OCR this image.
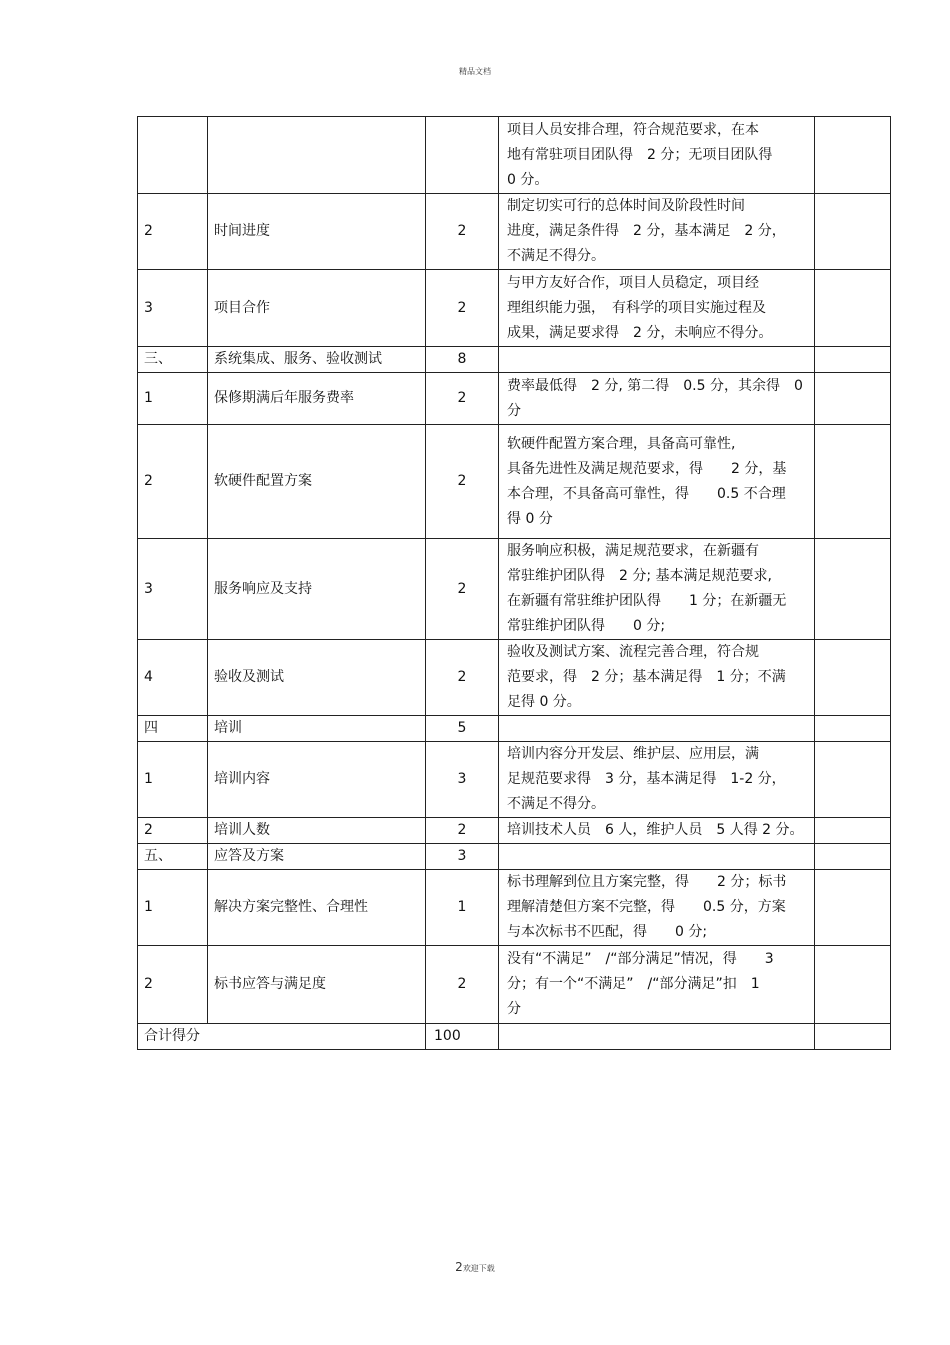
精品文档

			项目人员安排合理，符合规范要求，在本
地有常驻项目团队得　2 分；无项目团队得
0 分。	

2	时间进度	2	制定切实可行的总体时间及阶段性时间
进度，满足条件得　2 分，基本满足　2 分，
不满足不得分。	

3	项目合作	2	与甲方友好合作，项目人员稳定，项目经
理组织能力强，　有科学的项目实施过程及
成果，满足要求得　2 分，未响应不得分。	

三、	系统集成、服务、验收测试	8	

1	保修期满后年服务费率	2	费率最低得　2 分, 第二得　0.5 分，其余得　0
分	

2	软硬件配置方案	2	软硬件配置方案合理，具备高可靠性,
具备先进性及满足规范要求，得　　2 分，基
本合理，不具备高可靠性，得　　0.5 不合理
得 0 分	

3	服务响应及支持	2	服务响应积极，满足规范要求，在新疆有
常驻维护团队得　2 分; 基本满足规范要求,
在新疆有常驻维护团队得　　1 分；在新疆无
常驻维护团队得　　0 分;	

4	验收及测试	2	验收及测试方案、流程完善合理，符合规
范要求，得　2 分；基本满足得　1 分；不满
足得 0 分。	

四	培训	5	

1	培训内容	3	培训内容分开发层、维护层、应用层，满
足规范要求得　3 分，基本满足得　1-2 分，
不满足不得分。	

2	培训人数	2	培训技术人员　6 人，维护人员　5 人得 2 分。	

五、	应答及方案	3	

1	解决方案完整性、合理性	1	标书理解到位且方案完整，得　　2 分；标书
理解清楚但方案不完整，得　　0.5 分，方案
与本次标书不匹配，得　　0 分;	

2	标书应答与满足度	2	没有“不满足”　/“部分满足”情况，得　　3
分；有一个“不满足”　/“部分满足”扣　1
分	

合计得分		100		
2欢迎下载
